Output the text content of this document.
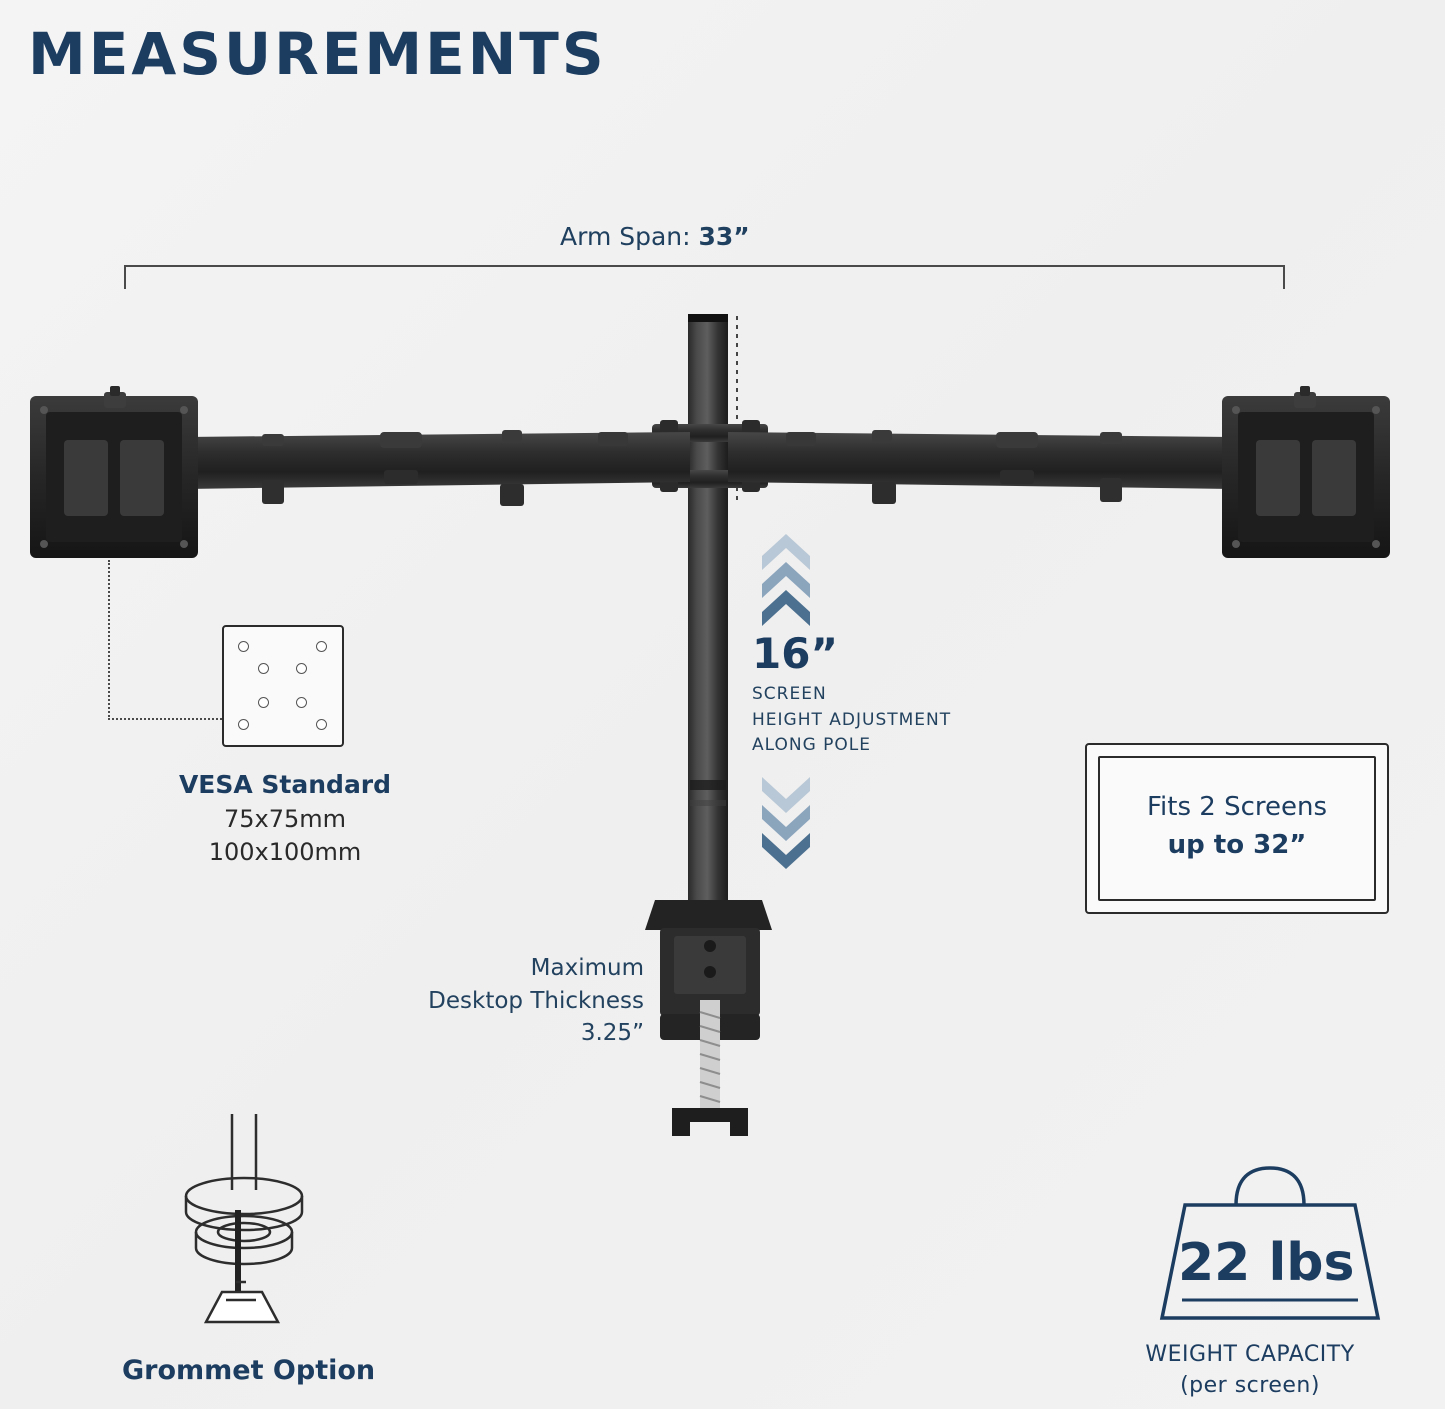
MEASUREMENTS
Arm Span: 33”
VESA Standard
75x75mm
100x100mm
16”
SCREEN
HEIGHT ADJUSTMENT
ALONG POLE
Fits 2 Screens
up to 32”
Maximum
Desktop Thickness
3.25”
Grommet Option
22 lbs
WEIGHT CAPACITY
(per screen)
